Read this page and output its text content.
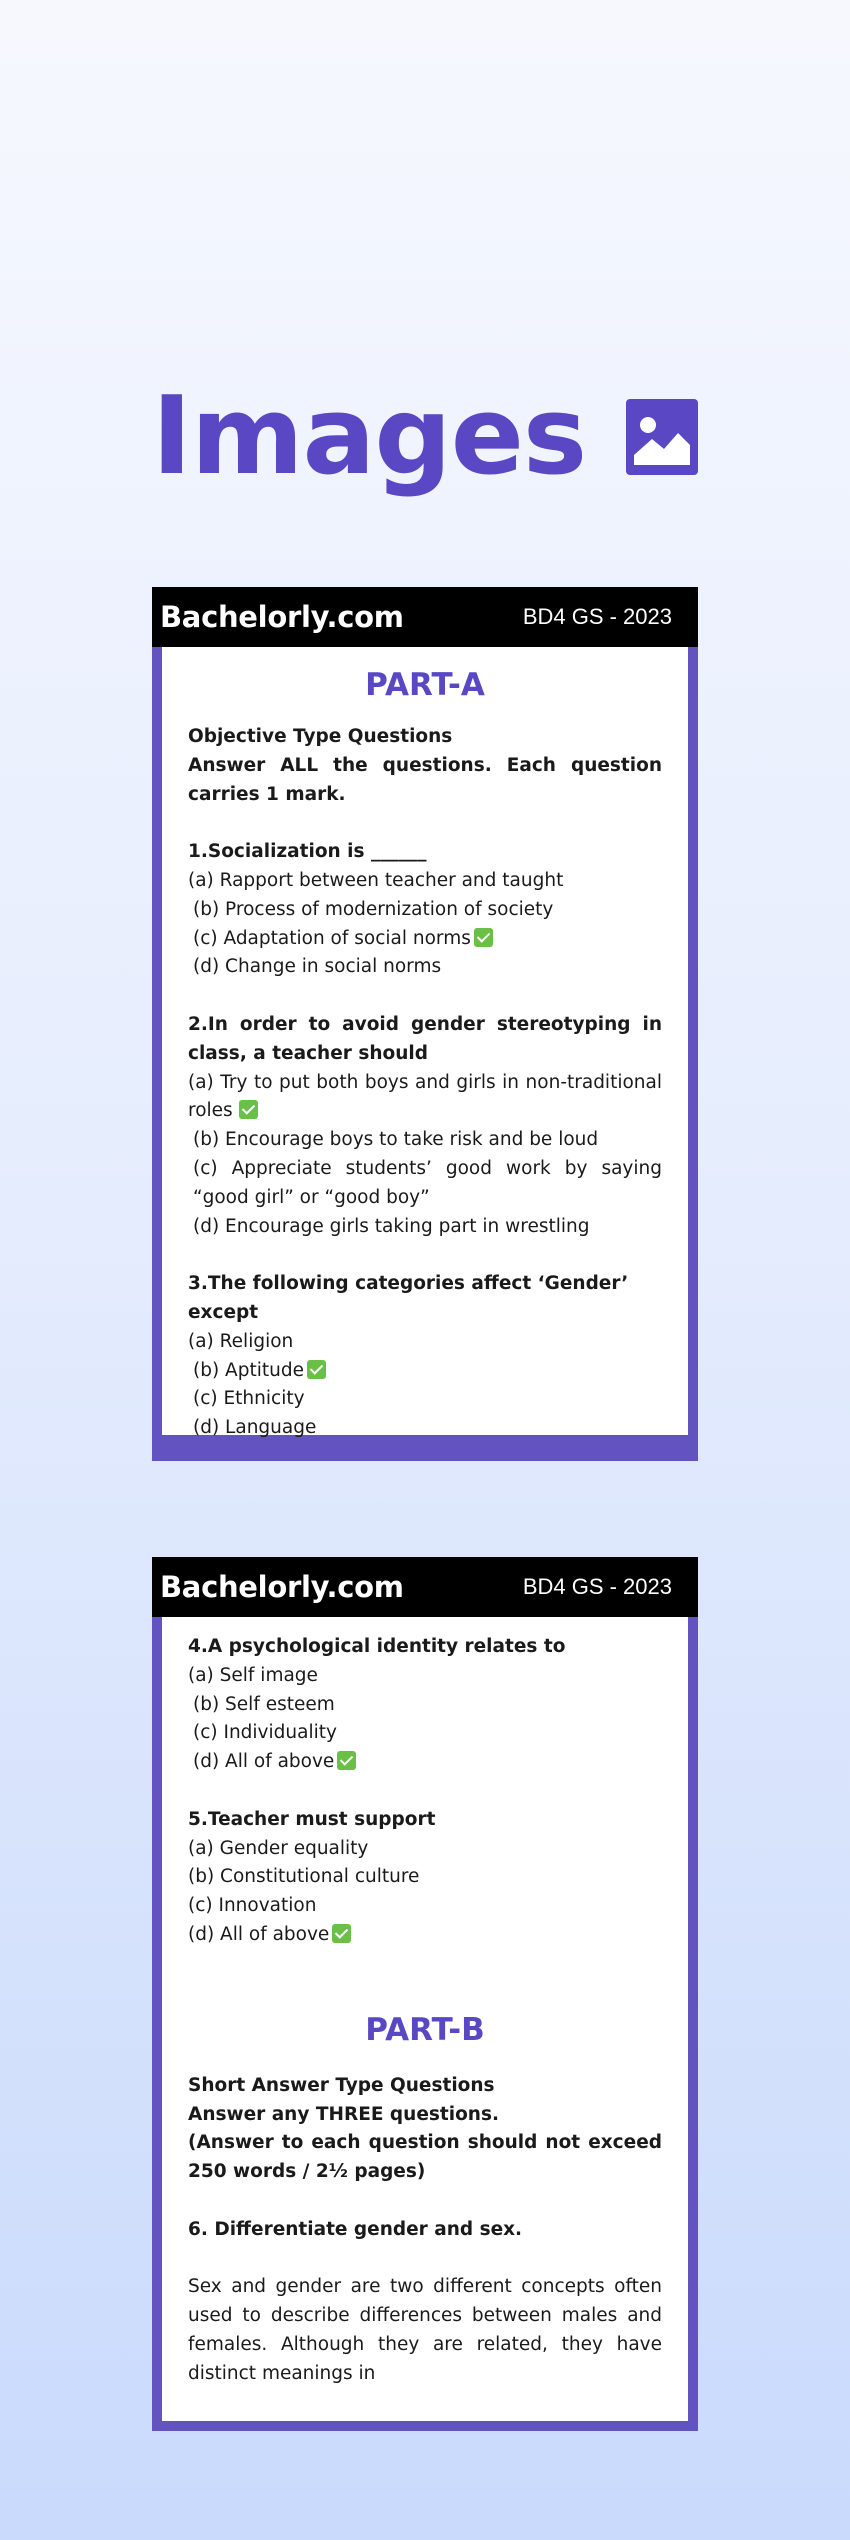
Images
Bachelorly.com	BD4 GS - 2023
PART-A
Objective Type Questions
Answer ALL the questions. Each question carries 1 mark.
1.Socialization is ______
(a) Rapport between teacher and taught
(b) Process of modernization of society
(c) Adaptation of social norms
(d) Change in social norms
2.In order to avoid gender stereotyping in class, a teacher should
(a) Try to put both boys and girls in non-traditional roles
(b) Encourage boys to take risk and be loud
(c) Appreciate students’ good work by saying “good girl” or “good boy”
(d) Encourage girls taking part in wrestling
3.The following categories affect ‘Gender’ except
(a) Religion
(b) Aptitude
(c) Ethnicity
(d) Language
Bachelorly.com	BD4 GS - 2023
4.A psychological identity relates to
(a) Self image
(b) Self esteem
(c) Individuality
(d) All of above
5.Teacher must support
(a) Gender equality
(b) Constitutional culture
(c) Innovation
(d) All of above
PART-B
Short Answer Type Questions
Answer any THREE questions.
(Answer to each question should not exceed 250 words / 2½ pages)
6. Differentiate gender and sex.
Sex and gender are two different concepts often used to describe differences between males and females. Although they are related, they have distinct meanings in
